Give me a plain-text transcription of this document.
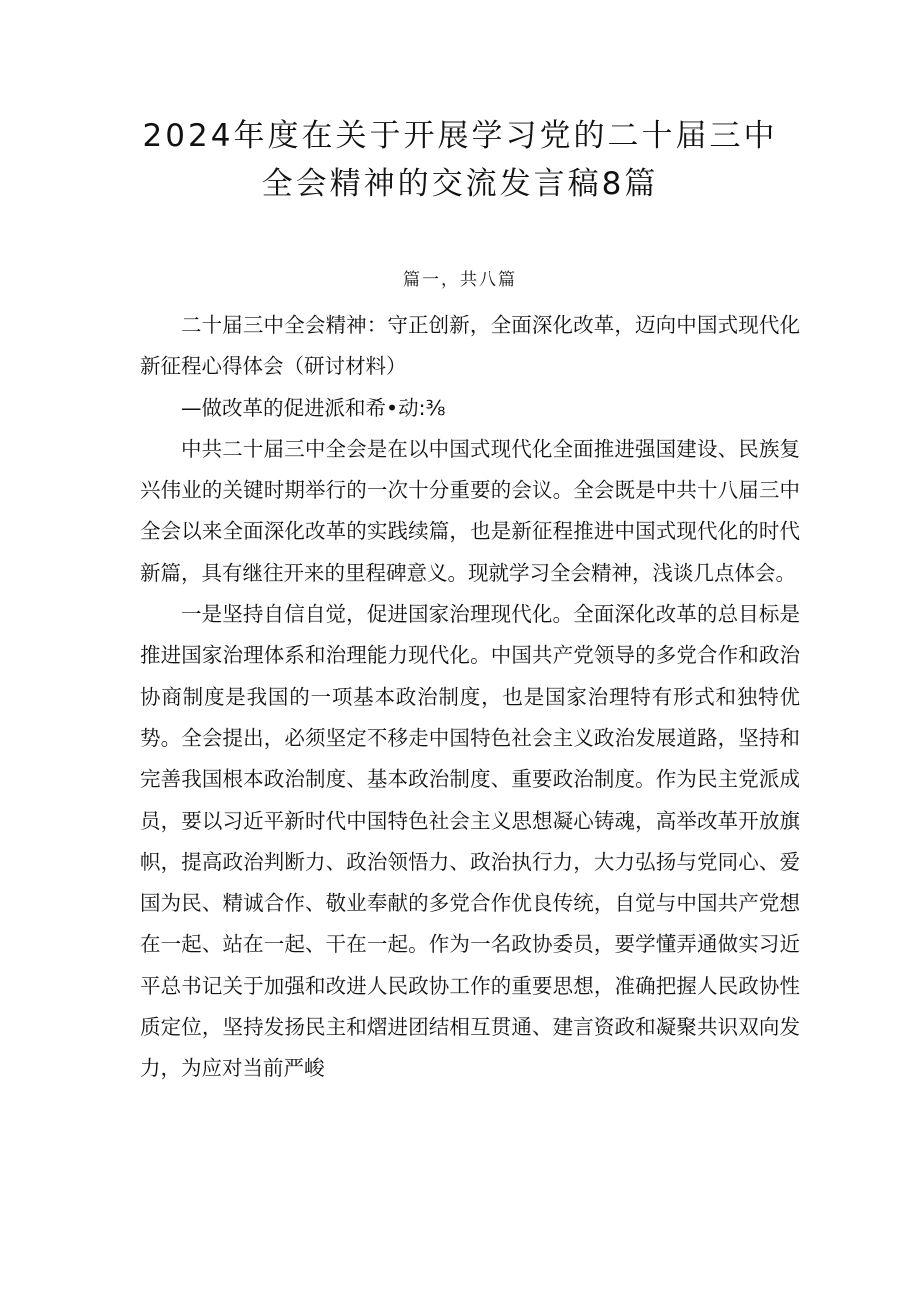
2024年度在关于开展学习党的二十届三中
全会精神的交流发言稿8篇
篇一，共八篇

二十届三中全会精神：守正创新，全面深化改革，迈向中国式现代化新征程心得体会（研讨材料）

—做改革的促进派和希•动:⅜

中共二十届三中全会是在以中国式现代化全面推进强国建设、民族复兴伟业的关键时期举行的一次十分重要的会议。全会既是中共十八届三中全会以来全面深化改革的实践续篇，也是新征程推进中国式现代化的时代新篇，具有继往开来的里程碑意义。现就学习全会精神，浅谈几点体会。

一是坚持自信自觉，促进国家治理现代化。全面深化改革的总目标是推进国家治理体系和治理能力现代化。中国共产党领导的多党合作和政治协商制度是我国的一项基本政治制度，也是国家治理特有形式和独特优势。全会提出，必须坚定不移走中国特色社会主义政治发展道路，坚持和完善我国根本政治制度、基本政治制度、重要政治制度。作为民主党派成员，要以习近平新时代中国特色社会主义思想凝心铸魂，高举改革开放旗帜，提高政治判断力、政治领悟力、政治执行力，大力弘扬与党同心、爱国为民、精诚合作、敬业奉献的多党合作优良传统，自觉与中国共产党想在一起、站在一起、干在一起。作为一名政协委员，要学懂弄通做实习近平总书记关于加强和改进人民政协工作的重要思想，准确把握人民政协性质定位，坚持发扬民主和熠进团结相互贯通、建言资政和凝聚共识双向发力，为应对当前严峻
